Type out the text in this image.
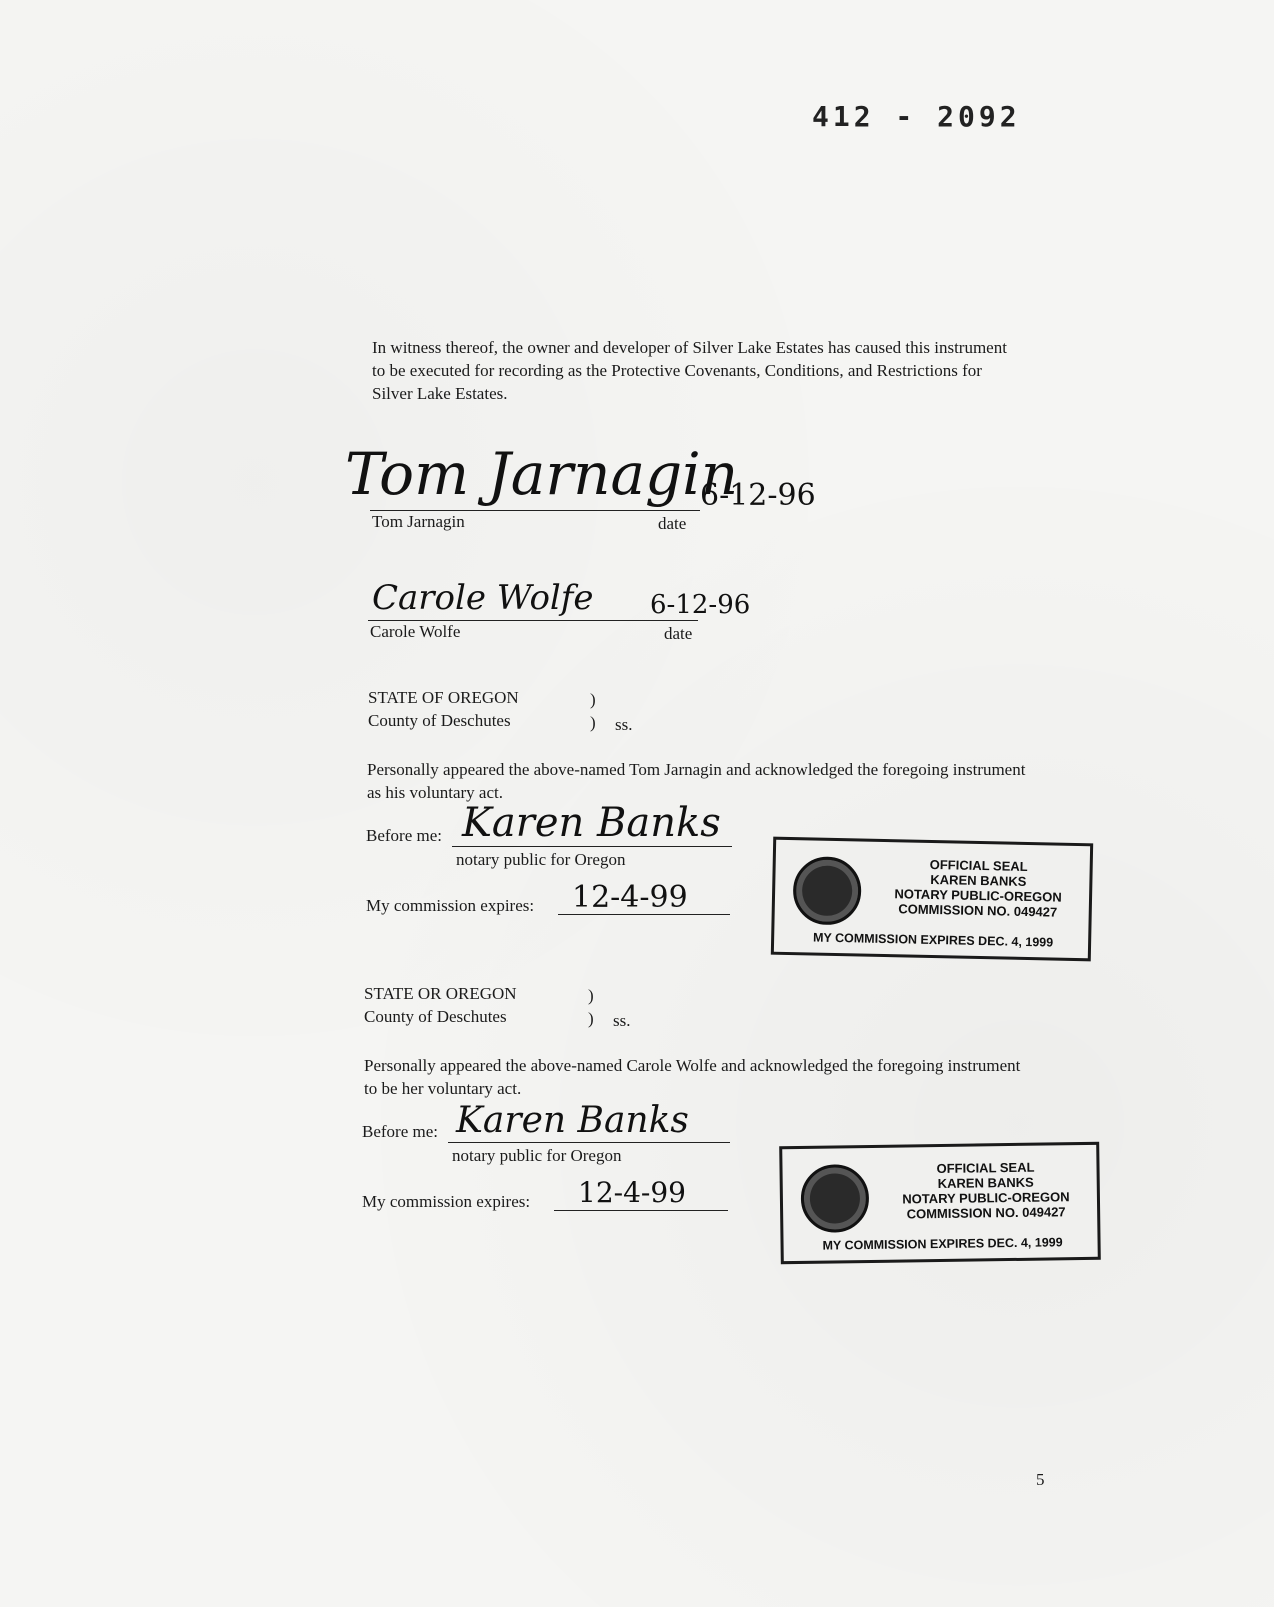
412 - 2092
In witness thereof, the owner and developer of Silver Lake Estates has caused this instrument to be executed for recording as the Protective Covenants, Conditions, and Restrictions for Silver Lake Estates.
Tom Jarnagin
6-12-96
Tom Jarnagin	date
Carole Wolfe 6-12-96
Carole Wolfe	date
STATE OF OREGON	)
County of Deschutes	) ss.
Personally appeared the above-named Tom Jarnagin and acknowledged the foregoing instrument as his voluntary act.
Before me: Karen Banks
notary public for Oregon
My commission expires: 12-4-99
OFFICIAL SEAL
KAREN BANKS
NOTARY PUBLIC-OREGON
COMMISSION NO. 049427
MY COMMISSION EXPIRES DEC. 4, 1999
STATE OR OREGON	)
County of Deschutes	) ss.
Personally appeared the above-named Carole Wolfe and acknowledged the foregoing instrument to be her voluntary act.
Before me: Karen Banks
notary public for Oregon
My commission expires: 12-4-99
OFFICIAL SEAL
KAREN BANKS
NOTARY PUBLIC-OREGON
COMMISSION NO. 049427
MY COMMISSION EXPIRES DEC. 4, 1999
5
